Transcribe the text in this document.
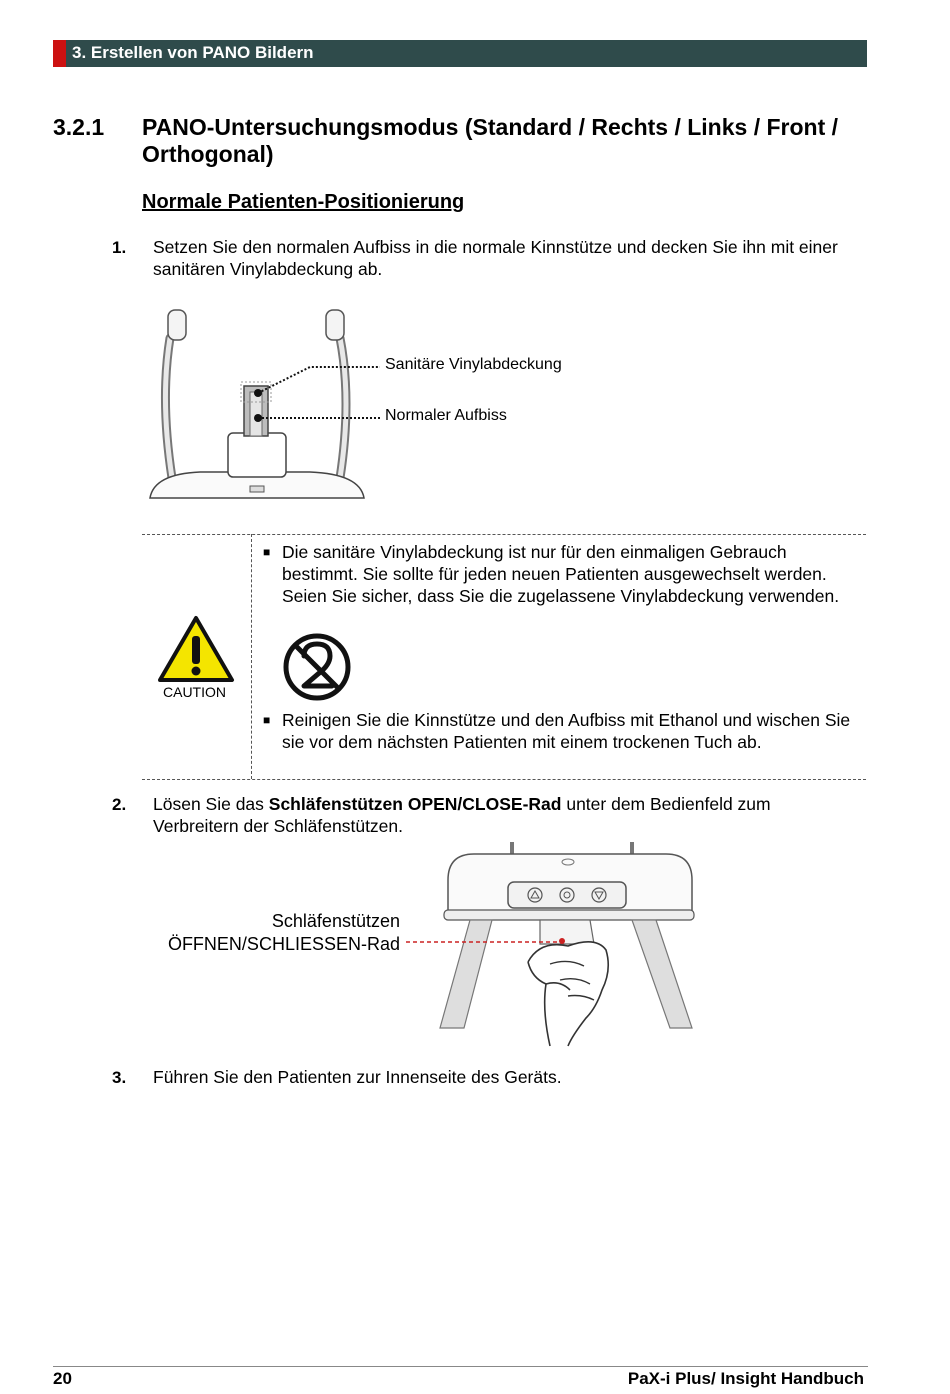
3. Erstellen von PANO Bildern
3.2.1 PANO-Untersuchungsmodus (Standard / Rechts / Links / Front / Orthogonal)
Normale Patienten-Positionierung
1. Setzen Sie den normalen Aufbiss in die normale Kinnstütze und decken Sie ihn mit einer sanitären Vinylabdeckung ab.
Sanitäre Vinylabdeckung
Normaler Aufbiss
CAUTION
■ Die sanitäre Vinylabdeckung ist nur für den einmaligen Gebrauch bestimmt. Sie sollte für jeden neuen Patienten ausgewechselt werden. Seien Sie sicher, dass Sie die zugelassene Vinylabdeckung verwenden.
■ Reinigen Sie die Kinnstütze und den Aufbiss mit Ethanol und wischen Sie sie vor dem nächsten Patienten mit einem trockenen Tuch ab.
2. Lösen Sie das Schläfenstützen OPEN/CLOSE-Rad unter dem Bedienfeld zum Verbreitern der Schläfenstützen.
Schläfenstützen
ÖFFNEN/SCHLIESSEN-Rad
3. Führen Sie den Patienten zur Innenseite des Geräts.
20	PaX-i Plus/ Insight Handbuch
